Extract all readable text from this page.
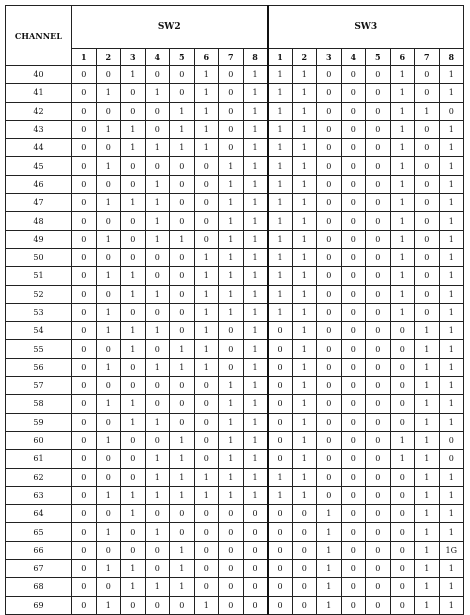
CHANNEL	SW2								SW3							
	1	2	3	4	5	6	7	8	1	2	3	4	5	6	7	8
40	0	0	1	0	0	1	0	1	1	1	0	0	0	1	0	1
41	0	1	0	1	0	1	0	1	1	1	0	0	0	1	0	1
42	0	0	0	0	1	1	0	1	1	1	0	0	0	1	1	0
43	0	1	1	0	1	1	0	1	1	1	0	0	0	1	0	1
44	0	0	1	1	1	1	0	1	1	1	0	0	0	1	0	1
45	0	1	0	0	0	0	1	1	1	1	0	0	0	1	0	1
46	0	0	0	1	0	0	1	1	1	1	0	0	0	1	0	1
47	0	1	1	1	0	0	1	1	1	1	0	0	0	1	0	1
48	0	0	0	1	0	0	1	1	1	1	0	0	0	1	0	1
49	0	1	0	1	1	0	1	1	1	1	0	0	0	1	0	1
50	0	0	0	0	0	1	1	1	1	1	0	0	0	1	0	1
51	0	1	1	0	0	1	1	1	1	1	0	0	0	1	0	1
52	0	0	1	1	0	1	1	1	1	1	0	0	0	1	0	1
53	0	1	0	0	0	1	1	1	1	1	0	0	0	1	0	1
54	0	1	1	1	0	1	0	1	0	1	0	0	0	0	1	1
55	0	0	1	0	1	1	0	1	0	1	0	0	0	0	1	1
56	0	1	0	1	1	1	0	1	0	1	0	0	0	0	1	1
57	0	0	0	0	0	0	1	1	0	1	0	0	0	0	1	1
58	0	1	1	0	0	0	1	1	0	1	0	0	0	0	1	1
59	0	0	1	1	0	0	1	1	0	1	0	0	0	0	1	1
60	0	1	0	0	1	0	1	1	0	1	0	0	0	1	1	0
61	0	0	0	1	1	0	1	1	0	1	0	0	0	1	1	0
62	0	0	0	1	1	1	1	1	1	1	0	0	0	0	1	1
63	0	1	1	1	1	1	1	1	1	1	0	0	0	0	1	1
64	0	0	1	0	0	0	0	0	0	0	1	0	0	0	1	1
65	0	1	0	1	0	0	0	0	0	0	1	0	0	0	1	1
66	0	0	0	0	1	0	0	0	0	0	1	0	0	0	1	1G
67	0	1	1	0	1	0	0	0	0	0	1	0	0	0	1	1
68	0	0	1	1	1	0	0	0	0	0	1	0	0	0	1	1
69	0	1	0	0	0	1	0	0	0	0	1	0	0	0	1	1
